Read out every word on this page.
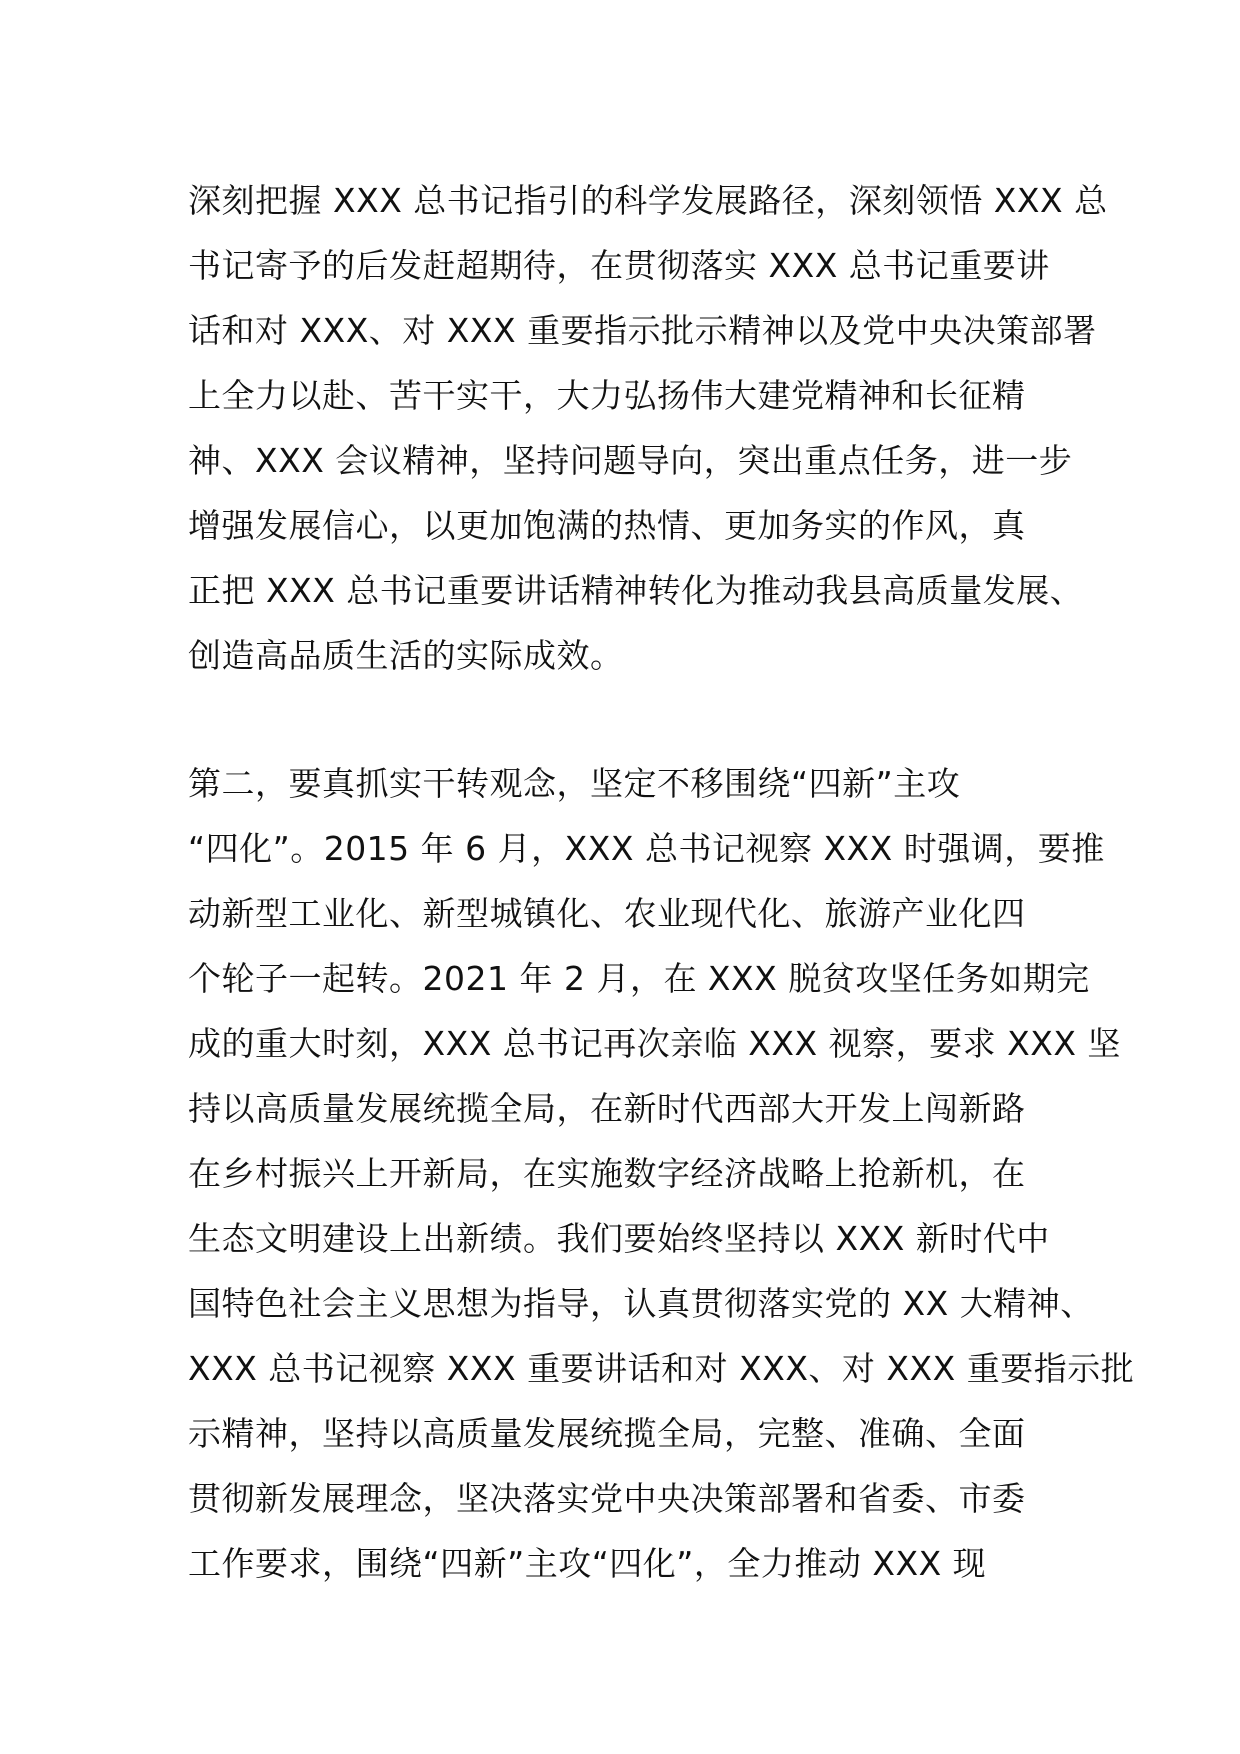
深刻把握 XXX 总书记指引的科学发展路径，深刻领悟 XXX 总
书记寄予的后发赶超期待，在贯彻落实 XXX 总书记重要讲
话和对 XXX、对 XXX 重要指示批示精神以及党中央决策部署
上全力以赴、苦干实干，大力弘扬伟大建党精神和长征精
神、XXX 会议精神，坚持问题导向，突出重点任务，进一步
增强发展信心，以更加饱满的热情、更加务实的作风，真
正把 XXX 总书记重要讲话精神转化为推动我县高质量发展、
创造高品质生活的实际成效。
第二，要真抓实干转观念，坚定不移围绕“四新”主攻
“四化”。2015 年 6 月，XXX 总书记视察 XXX 时强调，要推
动新型工业化、新型城镇化、农业现代化、旅游产业化四
个轮子一起转。2021 年 2 月，在 XXX 脱贫攻坚任务如期完
成的重大时刻，XXX 总书记再次亲临 XXX 视察，要求 XXX 坚
持以高质量发展统揽全局，在新时代西部大开发上闯新路
在乡村振兴上开新局，在实施数字经济战略上抢新机，在
生态文明建设上出新绩。我们要始终坚持以 XXX 新时代中
国特色社会主义思想为指导，认真贯彻落实党的 XX 大精神、
XXX 总书记视察 XXX 重要讲话和对 XXX、对 XXX 重要指示批
示精神，坚持以高质量发展统揽全局，完整、准确、全面
贯彻新发展理念，坚决落实党中央决策部署和省委、市委
工作要求，围绕“四新”主攻“四化”，全力推动 XXX 现
